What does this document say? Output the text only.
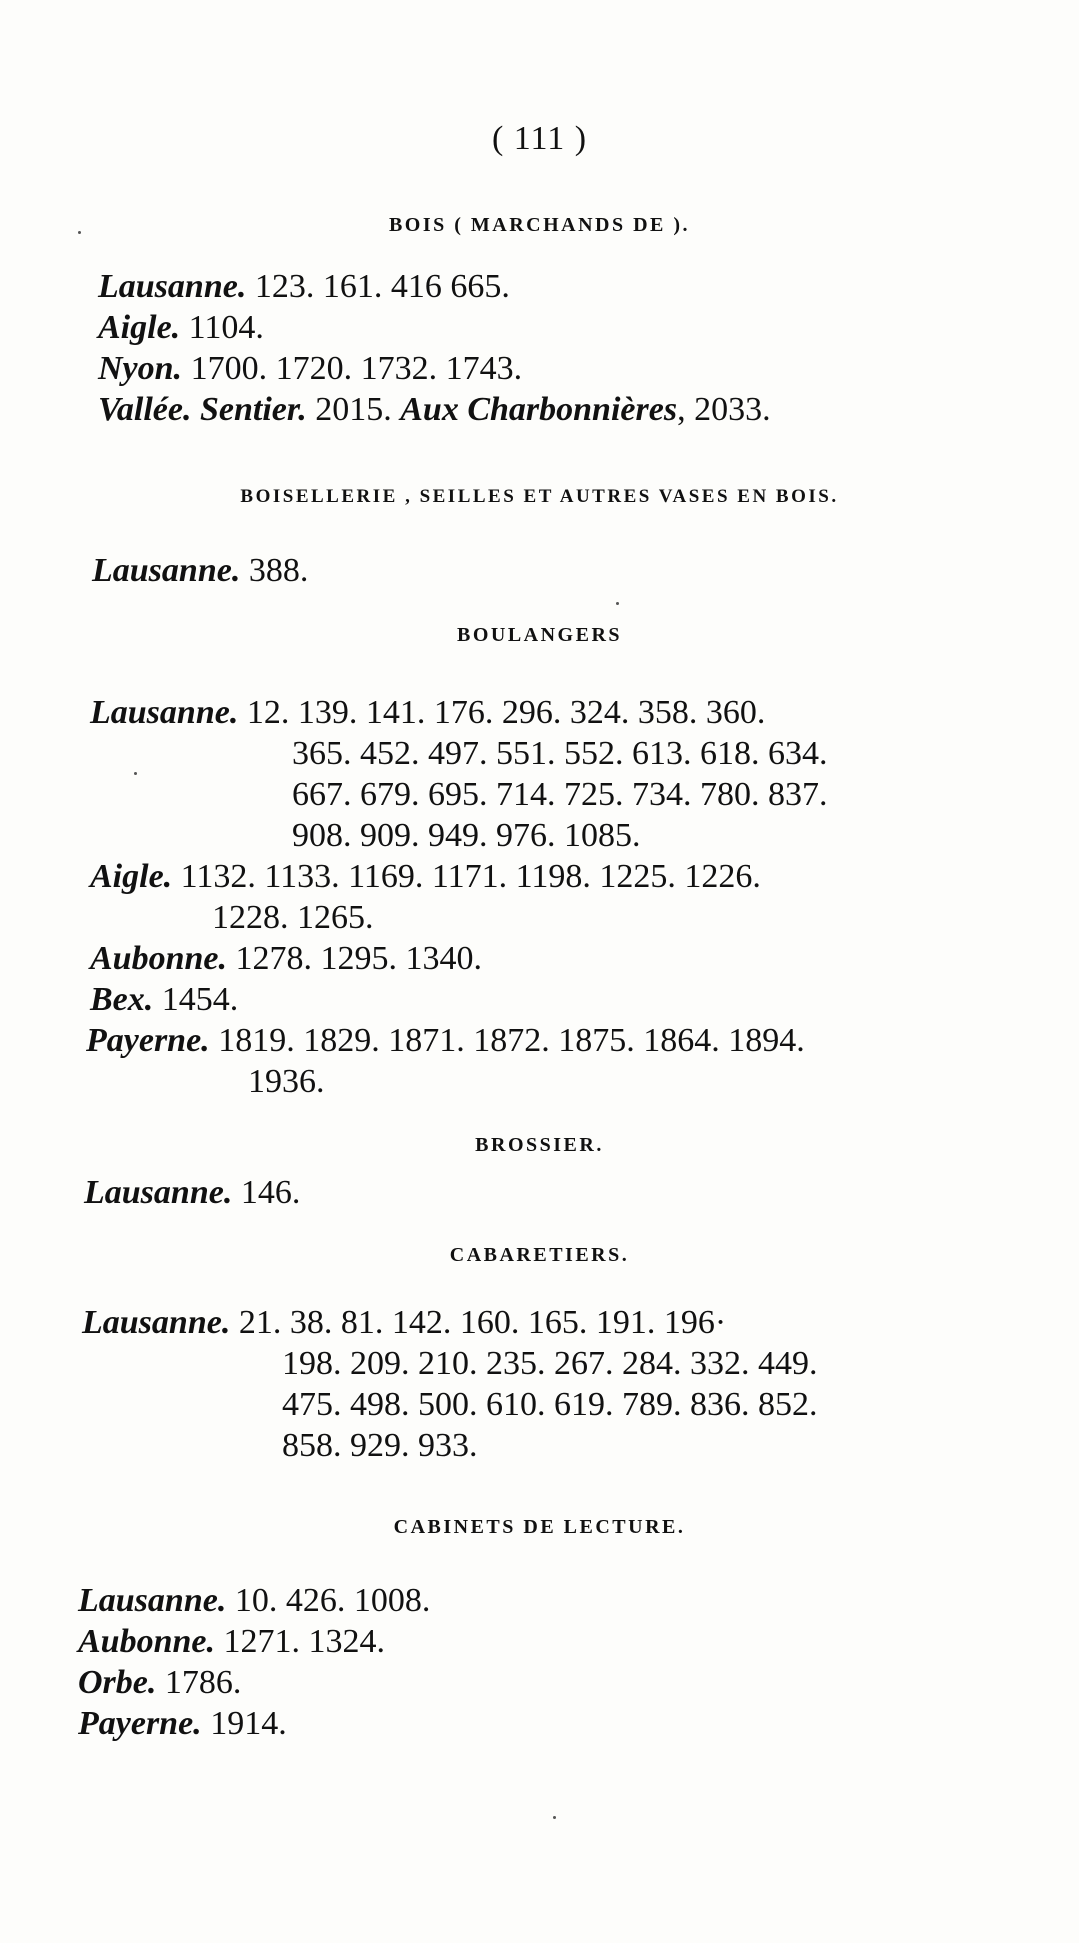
( 111 )
BOIS ( MARCHANDS DE ).
Lausanne. 123. 161. 416 665.
Aigle. 1104.
Nyon. 1700. 1720. 1732. 1743.
Vallée. Sentier. 2015. Aux Charbonnières, 2033.
BOISELLERIE , SEILLES ET AUTRES VASES EN BOIS.
Lausanne. 388.
BOULANGERS
Lausanne. 12. 139. 141. 176. 296. 324. 358. 360.
365. 452. 497. 551. 552. 613. 618. 634.
667. 679. 695. 714. 725. 734. 780. 837.
908. 909. 949. 976. 1085.
Aigle. 1132. 1133. 1169. 1171. 1198. 1225. 1226.
1228. 1265.
Aubonne. 1278. 1295. 1340.
Bex. 1454.
Payerne. 1819. 1829. 1871. 1872. 1875. 1864. 1894.
1936.
BROSSIER.
Lausanne. 146.
CABARETIERS.
Lausanne. 21. 38. 81. 142. 160. 165. 191. 196·
198. 209. 210. 235. 267. 284. 332. 449.
475. 498. 500. 610. 619. 789. 836. 852.
858. 929. 933.
CABINETS DE LECTURE.
Lausanne. 10. 426. 1008.
Aubonne. 1271. 1324.
Orbe. 1786.
Payerne. 1914.
